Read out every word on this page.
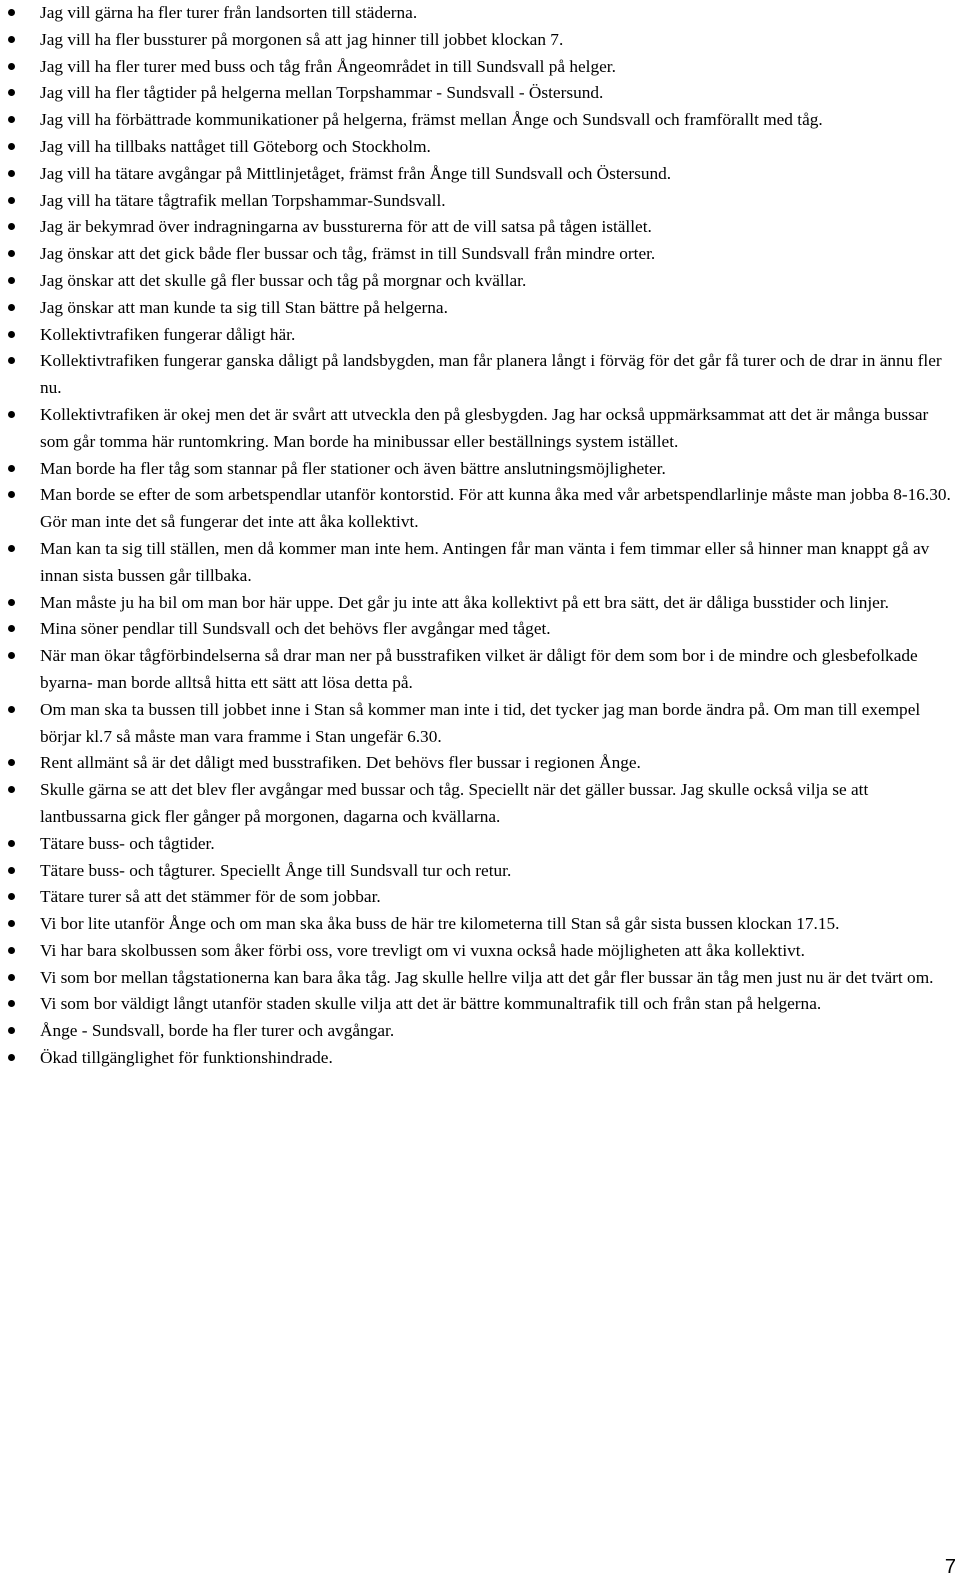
Jag vill gärna ha fler turer från landsorten till städerna.
Jag vill ha fler bussturer på morgonen så att jag hinner till jobbet klockan 7.
Jag vill ha fler turer med buss och tåg från Ångeområdet in till Sundsvall på helger.
Jag vill ha fler tågtider på helgerna mellan Torpshammar - Sundsvall - Östersund.
Jag vill ha förbättrade kommunikationer på helgerna, främst mellan Ånge och Sundsvall och framförallt med tåg.
Jag vill ha tillbaks nattåget till Göteborg och Stockholm.
Jag vill ha tätare avgångar på Mittlinjetåget, främst från Ånge till Sundsvall och Östersund.
Jag vill ha tätare tågtrafik mellan Torpshammar-Sundsvall.
Jag är bekymrad över indragningarna av bussturerna för att de vill satsa på tågen istället.
Jag önskar att det gick både fler bussar och tåg, främst in till Sundsvall från mindre orter.
Jag önskar att det skulle gå fler bussar och tåg på morgnar och kvällar.
Jag önskar att man kunde ta sig till Stan bättre på helgerna.
Kollektivtrafiken fungerar dåligt här.
Kollektivtrafiken fungerar ganska dåligt på landsbygden, man får planera långt i förväg för det går få turer och de drar in ännu fler nu.
Kollektivtrafiken är okej men det är svårt att utveckla den på glesbygden. Jag har också uppmärksammat att det är många bussar som går tomma här runtomkring. Man borde ha minibussar eller beställnings system istället.
Man borde ha fler tåg som stannar på fler stationer och även bättre anslutningsmöjligheter.
Man borde se efter de som arbetspendlar utanför kontorstid. För att kunna åka med vår arbetspendlarlinje måste man jobba 8-16.30. Gör man inte det så fungerar det inte att åka kollektivt.
Man kan ta sig till ställen, men då kommer man inte hem. Antingen får man vänta i fem timmar eller så hinner man knappt gå av innan sista bussen går tillbaka.
Man måste ju ha bil om man bor här uppe. Det går ju inte att åka kollektivt på ett bra sätt, det är dåliga busstider och linjer.
Mina söner pendlar till Sundsvall och det behövs fler avgångar med tåget.
När man ökar tågförbindelserna så drar man ner på busstrafiken vilket är dåligt för dem som bor i de mindre och glesbefolkade byarna- man borde alltså hitta ett sätt att lösa detta på.
Om man ska ta bussen till jobbet inne i Stan så kommer man inte i tid, det tycker jag man borde ändra på. Om man till exempel börjar kl.7 så måste man vara framme i Stan ungefär 6.30.
Rent allmänt så är det dåligt med busstrafiken. Det behövs fler bussar i regionen Ånge.
Skulle gärna se att det blev fler avgångar med bussar och tåg. Speciellt när det gäller bussar. Jag skulle också vilja se att lantbussarna gick fler gånger på morgonen, dagarna och kvällarna.
Tätare buss- och tågtider.
Tätare buss- och tågturer. Speciellt Ånge till Sundsvall tur och retur.
Tätare turer så att det stämmer för de som jobbar.
Vi bor lite utanför Ånge och om man ska åka buss de här tre kilometerna till Stan så går sista bussen klockan 17.15.
Vi har bara skolbussen som åker förbi oss, vore trevligt om vi vuxna också hade möjligheten att åka kollektivt.
Vi som bor mellan tågstationerna kan bara åka tåg. Jag skulle hellre vilja att det går fler bussar än tåg men just nu är det tvärt om.
Vi som bor väldigt långt utanför staden skulle vilja att det är bättre kommunaltrafik till och från stan på helgerna.
Ånge - Sundsvall, borde ha fler turer och avgångar.
Ökad tillgänglighet för funktionshindrade.
7
